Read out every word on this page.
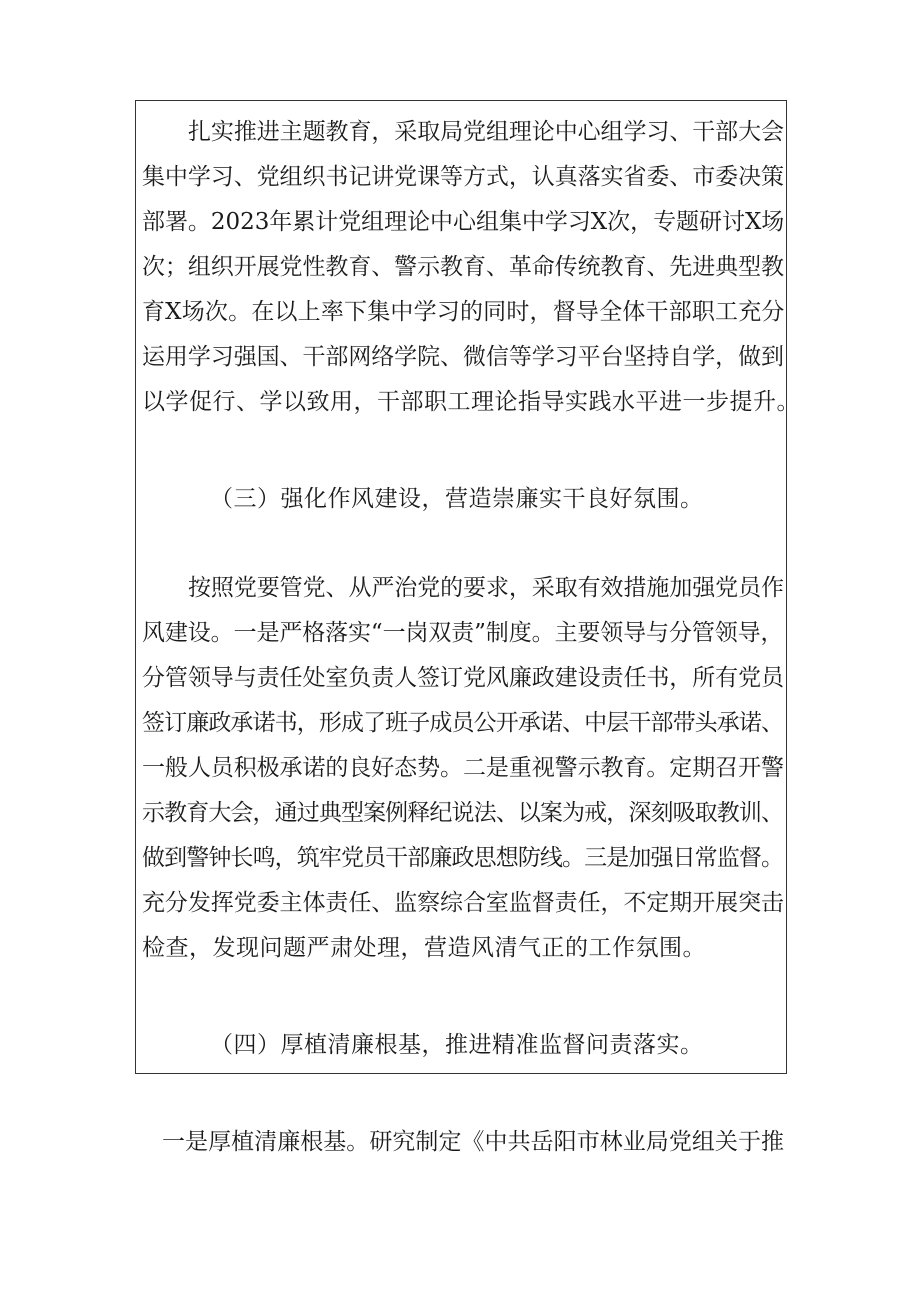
扎实推进主题教育，采取局党组理论中心组学习、干部大会

集中学习、党组织书记讲党课等方式，认真落实省委、市委决策

部署。2023年累计党组理论中心组集中学习X次，专题研讨X场

次；组织开展党性教育、警示教育、革命传统教育、先进典型教

育X场次。在以上率下集中学习的同时，督导全体干部职工充分

运用学习强国、干部网络学院、微信等学习平台坚持自学，做到

以学促行、学以致用，干部职工理论指导实践水平进一步提升。

（三）强化作风建设，营造崇廉实干良好氛围。

按照党要管党、从严治党的要求，采取有效措施加强党员作

风建设。一是严格落实“一岗双责”制度。主要领导与分管领导，

分管领导与责任处室负责人签订党风廉政建设责任书，所有党员

签订廉政承诺书，形成了班子成员公开承诺、中层干部带头承诺、

一般人员积极承诺的良好态势。二是重视警示教育。定期召开警

示教育大会，通过典型案例释纪说法、以案为戒，深刻吸取教训、

做到警钟长鸣，筑牢党员干部廉政思想防线。三是加强日常监督。

充分发挥党委主体责任、监察综合室监督责任，不定期开展突击

检查，发现问题严肃处理，营造风清气正的工作氛围。

（四）厚植清廉根基，推进精准监督问责落实。

一是厚植清廉根基。研究制定《中共岳阳市林业局党组关于推
